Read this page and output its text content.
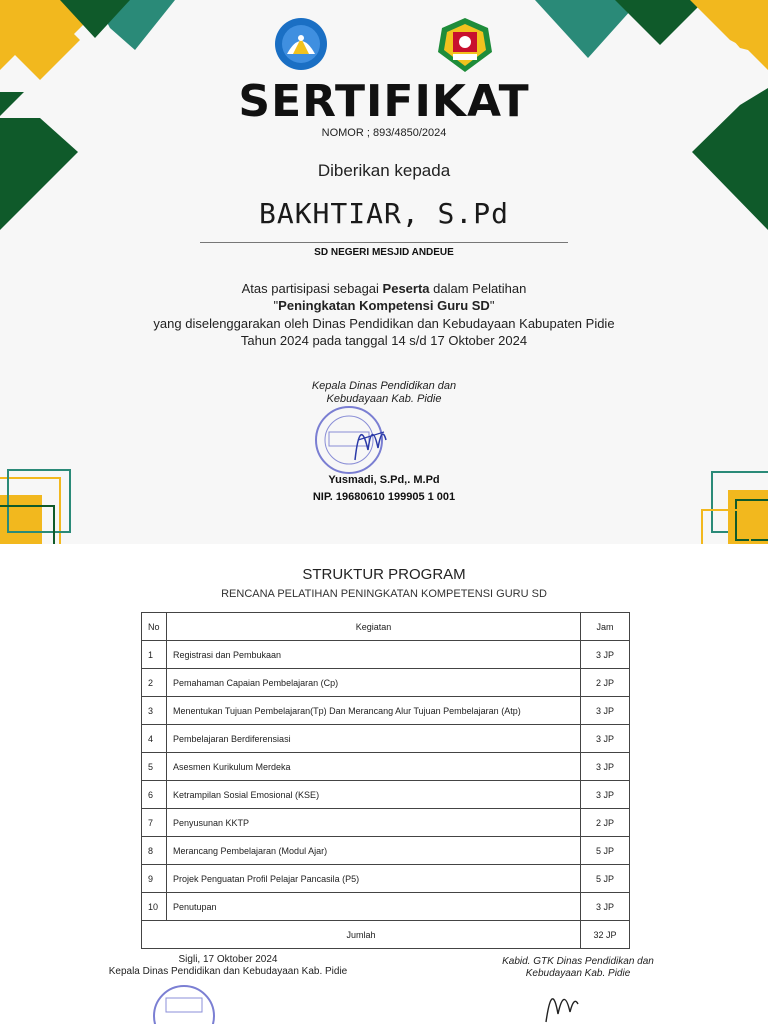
SERTIFIKAT
NOMOR ; 893/4850/2024
Diberikan kepada
BAKHTIAR, S.Pd
SD NEGERI MESJID ANDEUE
Atas partisipasi sebagai Peserta dalam Pelatihan
"Peningkatan Kompetensi Guru SD"
yang diselenggarakan oleh Dinas Pendidikan dan Kebudayaan Kabupaten Pidie
Tahun 2024 pada tanggal 14 s/d 17 Oktober 2024
Kepala Dinas Pendidikan dan
Kebudayaan Kab. Pidie
Yusmadi, S.Pd,. M.Pd
NIP. 19680610 199905 1 001
STRUKTUR PROGRAM
RENCANA PELATIHAN PENINGKATAN KOMPETENSI GURU SD
No	Kegiatan	Jam
1	Registrasi dan Pembukaan	3 JP
2	Pemahaman Capaian Pembelajaran (Cp)	2 JP
3	Menentukan Tujuan Pembelajaran(Tp) Dan Merancang Alur Tujuan Pembelajaran (Atp)	3 JP
4	Pembelajaran Berdiferensiasi	3 JP
5	Asesmen Kurikulum Merdeka	3 JP
6	Ketrampilan Sosial Emosional (KSE)	3 JP
7	Penyusunan KKTP	2 JP
8	Merancang Pembelajaran (Modul Ajar)	5 JP
9	Projek Penguatan Profil Pelajar Pancasila (P5)	5 JP
10	Penutupan	3 JP
Jumlah		32 JP
Sigli, 17 Oktober 2024
Kepala Dinas Pendidikan dan Kebudayaan Kab. Pidie
Kabid. GTK Dinas Pendidikan dan
Kebudayaan Kab. Pidie
